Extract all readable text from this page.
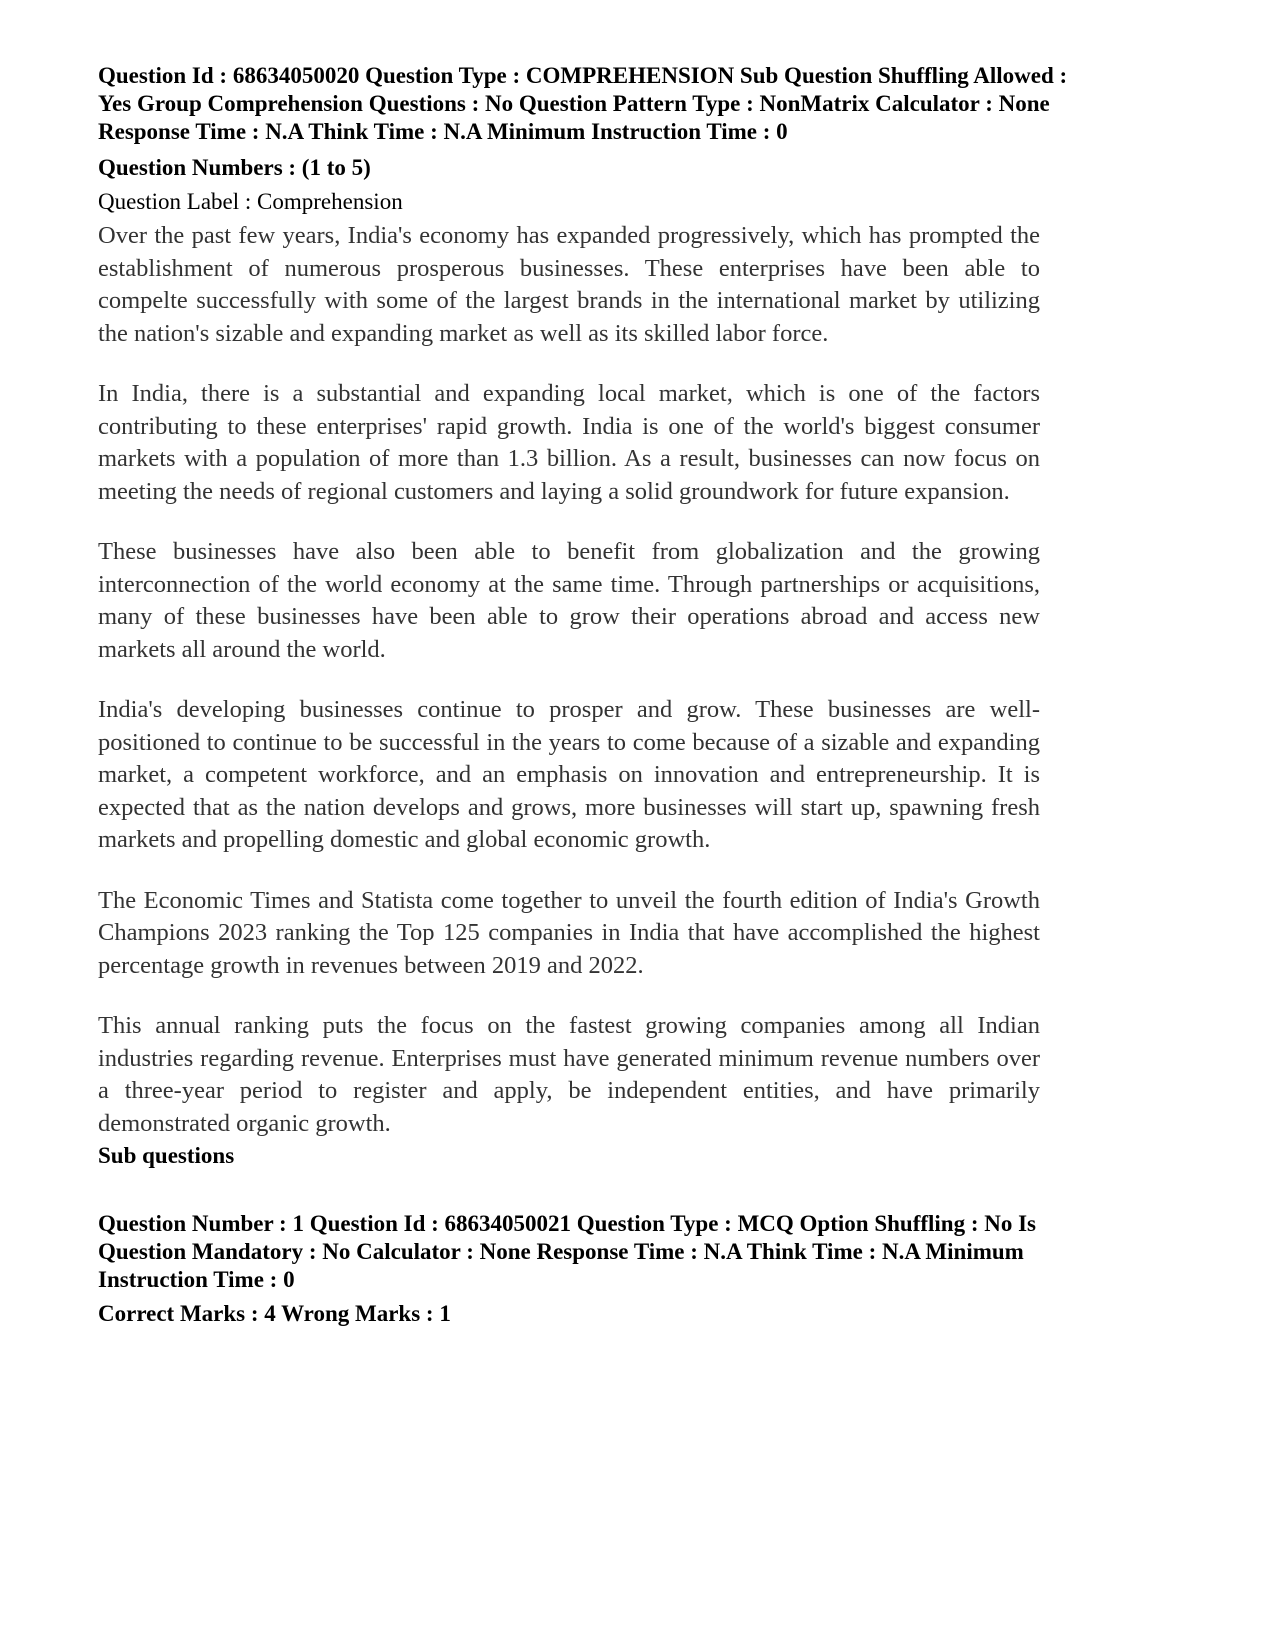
Question Id : 68634050020 Question Type : COMPREHENSION Sub Question Shuffling Allowed :
Yes Group Comprehension Questions : No Question Pattern Type : NonMatrix Calculator : None
Response Time : N.A Think Time : N.A Minimum Instruction Time : 0
Question Numbers : (1 to 5)
Question Label : Comprehension

Over the past few years, India's economy has expanded progressively, which has prompted the establishment of numerous prosperous businesses. These enterprises have been able to compelte successfully with some of the largest brands in the international market by utilizing the nation's sizable and expanding market as well as its skilled labor force.

In India, there is a substantial and expanding local market, which is one of the factors contributing to these enterprises' rapid growth. India is one of the world's biggest consumer markets with a population of more than 1.3 billion. As a result, businesses can now focus on meeting the needs of regional customers and laying a solid groundwork for future expansion.

These businesses have also been able to benefit from globalization and the growing interconnection of the world economy at the same time. Through partnerships or acquisitions, many of these businesses have been able to grow their operations abroad and access new markets all around the world.

India's developing businesses continue to prosper and grow. These businesses are well-positioned to continue to be successful in the years to come because of a sizable and expanding market, a competent workforce, and an emphasis on innovation and entrepreneurship. It is expected that as the nation develops and grows, more businesses will start up, spawning fresh markets and propelling domestic and global economic growth.

The Economic Times and Statista come together to unveil the fourth edition of India's Growth Champions 2023 ranking the Top 125 companies in India that have accomplished the highest percentage growth in revenues between 2019 and 2022.

This annual ranking puts the focus on the fastest growing companies among all Indian industries regarding revenue. Enterprises must have generated minimum revenue numbers over a three-year period to register and apply, be independent entities, and have primarily demonstrated organic growth.

Sub questions
Question Number : 1 Question Id : 68634050021 Question Type : MCQ Option Shuffling : No Is
Question Mandatory : No Calculator : None Response Time : N.A Think Time : N.A Minimum
Instruction Time : 0
Correct Marks : 4 Wrong Marks : 1
